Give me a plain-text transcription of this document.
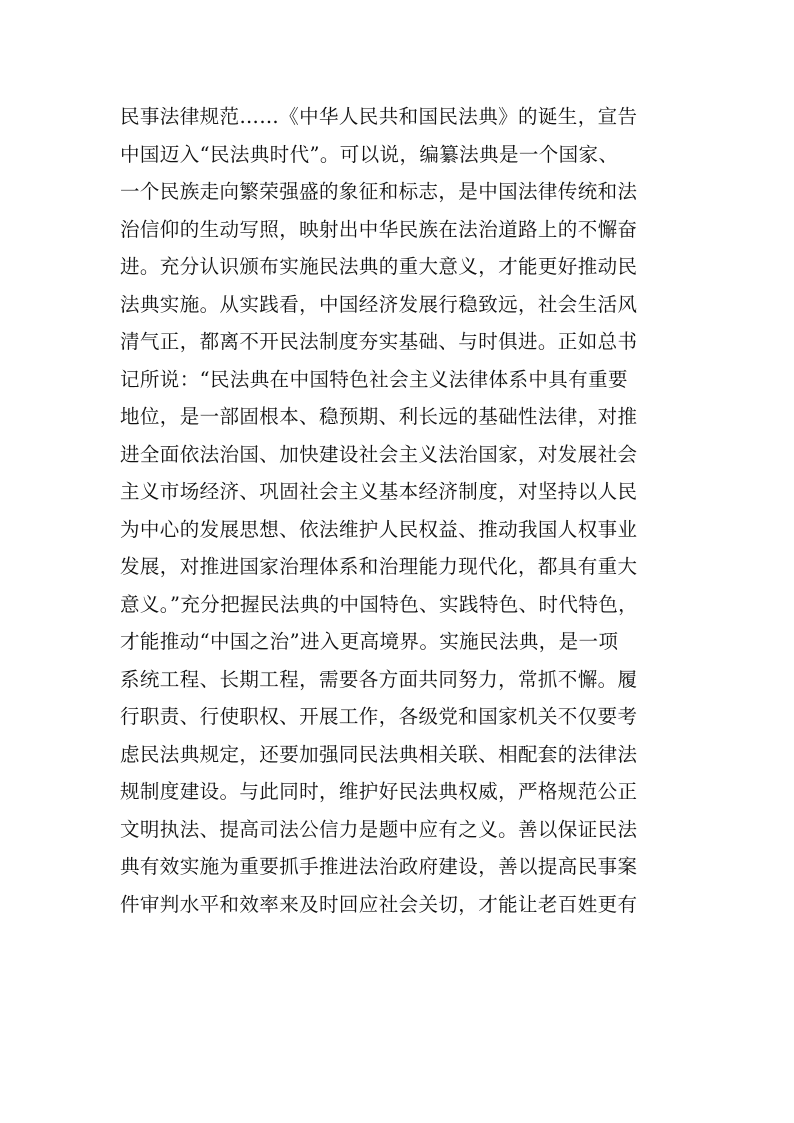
民事法律规范……《中华人民共和国民法典》的诞生，宣告
中国迈入“民法典时代”。可以说，编纂法典是一个国家、
一个民族走向繁荣强盛的象征和标志，是中国法律传统和法
治信仰的生动写照，映射出中华民族在法治道路上的不懈奋
进。充分认识颁布实施民法典的重大意义，才能更好推动民
法典实施。从实践看，中国经济发展行稳致远，社会生活风
清气正，都离不开民法制度夯实基础、与时俱进。正如总书
记所说：“民法典在中国特色社会主义法律体系中具有重要
地位，是一部固根本、稳预期、利长远的基础性法律，对推
进全面依法治国、加快建设社会主义法治国家，对发展社会
主义市场经济、巩固社会主义基本经济制度，对坚持以人民
为中心的发展思想、依法维护人民权益、推动我国人权事业
发展，对推进国家治理体系和治理能力现代化，都具有重大
意义。”充分把握民法典的中国特色、实践特色、时代特色，
才能推动“中国之治”进入更高境界。实施民法典，是一项
系统工程、长期工程，需要各方面共同努力，常抓不懈。履
行职责、行使职权、开展工作，各级党和国家机关不仅要考
虑民法典规定，还要加强同民法典相关联、相配套的法律法
规制度建设。与此同时，维护好民法典权威，严格规范公正
文明执法、提高司法公信力是题中应有之义。善以保证民法
典有效实施为重要抓手推进法治政府建设，善以提高民事案
件审判水平和效率来及时回应社会关切，才能让老百姓更有
